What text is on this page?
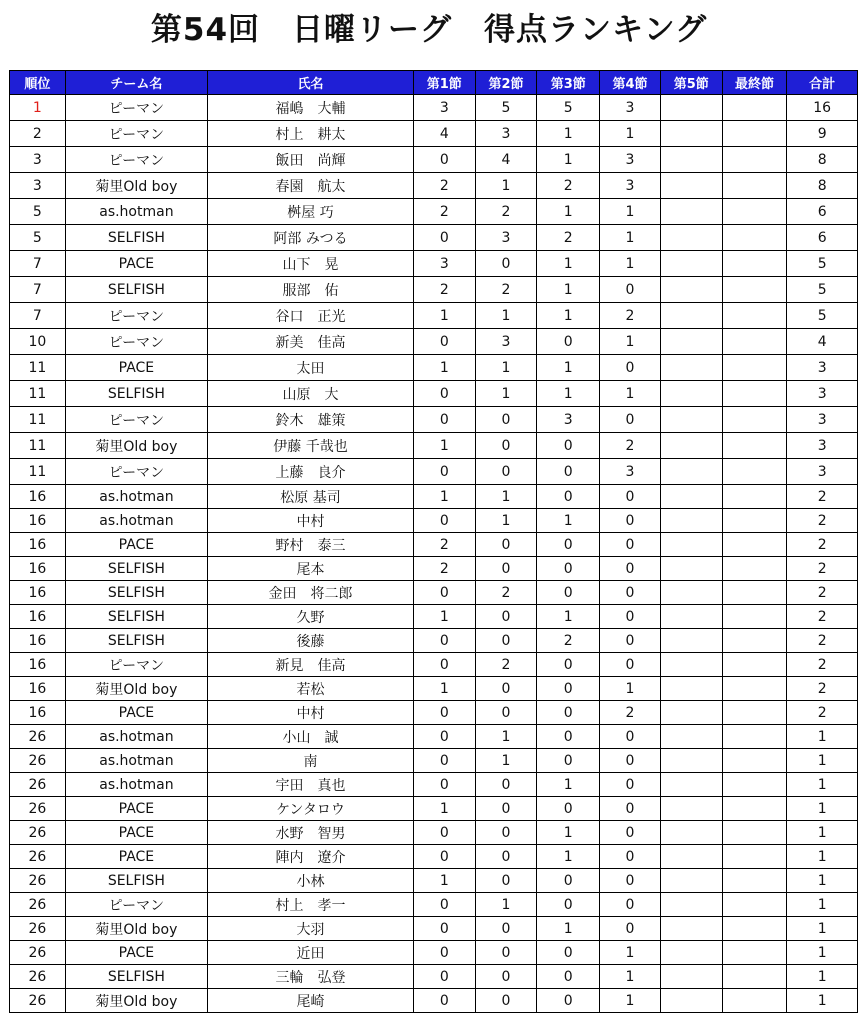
第54回　日曜リーグ　得点ランキング
順位	チーム名	氏名	第1節	第2節	第3節	第4節	第5節	最終節	合計
1	ピーマン	福嶋　大輔	3	5	5	3			16
2	ピーマン	村上　耕太	4	3	1	1			9
3	ピーマン	飯田　尚輝	0	4	1	3			8
3	菊里Old boy	春園　航太	2	1	2	3			8
5	as.hotman	桝屋 巧	2	2	1	1			6
5	SELFISH	阿部 みつる	0	3	2	1			6
7	PACE	山下　晃	3	0	1	1			5
7	SELFISH	服部　佑	2	2	1	0			5
7	ピーマン	谷口　正光	1	1	1	2			5
10	ピーマン	新美　佳高	0	3	0	1			4
11	PACE	太田	1	1	1	0			3
11	SELFISH	山原　大	0	1	1	1			3
11	ピーマン	鈴木　雄策	0	0	3	0			3
11	菊里Old boy	伊藤 千哉也	1	0	0	2			3
11	ピーマン	上藤　良介	0	0	0	3			3
16	as.hotman	松原 基司	1	1	0	0			2
16	as.hotman	中村	0	1	1	0			2
16	PACE	野村　泰三	2	0	0	0			2
16	SELFISH	尾本	2	0	0	0			2
16	SELFISH	金田　将二郎	0	2	0	0			2
16	SELFISH	久野	1	0	1	0			2
16	SELFISH	後藤	0	0	2	0			2
16	ピーマン	新見　佳高	0	2	0	0			2
16	菊里Old boy	若松	1	0	0	1			2
16	PACE	中村	0	0	0	2			2
26	as.hotman	小山　誠	0	1	0	0			1
26	as.hotman	南	0	1	0	0			1
26	as.hotman	宇田　真也	0	0	1	0			1
26	PACE	ケンタロウ	1	0	0	0			1
26	PACE	水野　智男	0	0	1	0			1
26	PACE	陣内　遼介	0	0	1	0			1
26	SELFISH	小林	1	0	0	0			1
26	ピーマン	村上　孝一	0	1	0	0			1
26	菊里Old boy	大羽	0	0	1	0			1
26	PACE	近田	0	0	0	1			1
26	SELFISH	三輪　弘登	0	0	0	1			1
26	菊里Old boy	尾崎	0	0	0	1			1
